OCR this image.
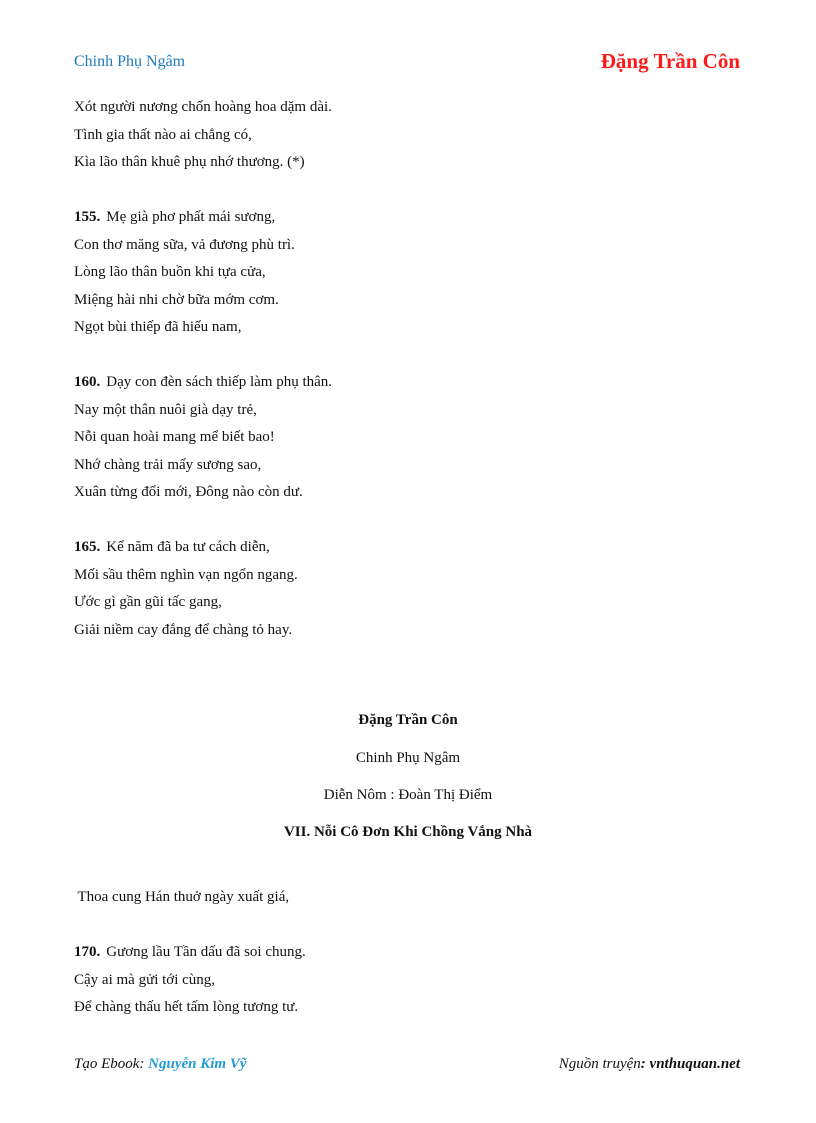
Chinh Phụ Ngâm	Đặng Trần Côn
Xót người nương chốn hoàng hoa dặm dài.
Tình gia thất nào ai chẳng có,
Kìa lão thân khuê phụ nhớ thương. (*)
155. Mẹ già phơ phất mái sương,
Con thơ măng sữa, vả đương phù trì.
Lòng lão thân buồn khi tựa cửa,
Miệng hài nhi chờ bữa mớm cơm.
Ngọt bùi thiếp đã hiếu nam,
160. Dạy con đèn sách thiếp làm phụ thân.
Nay một thân nuôi già dạy trẻ,
Nỗi quan hoài mang mể biết bao!
Nhớ chàng trải mấy sương sao,
Xuân từng đổi mới, Đông nào còn dư.
165. Kể năm đã ba tư cách diễn,
Mối sầu thêm nghìn vạn ngổn ngang.
Ước gì gần gũi tấc gang,
Giải niềm cay đắng để chàng tỏ hay.
Đặng Trần Côn
Chinh Phụ Ngâm
Diễn Nôm : Đoàn Thị Điểm
VII. Nỗi Cô Đơn Khi Chồng Vắng Nhà
Thoa cung Hán thuở ngày xuất giá,
170. Gương lầu Tần dấu đã soi chung.
Cậy ai mà gửi tới cùng,
Để chàng thấu hết tấm lòng tương tư.
Tạo Ebook: Nguyễn Kim Vỹ	Nguồn truyện: vnthuquan.net
